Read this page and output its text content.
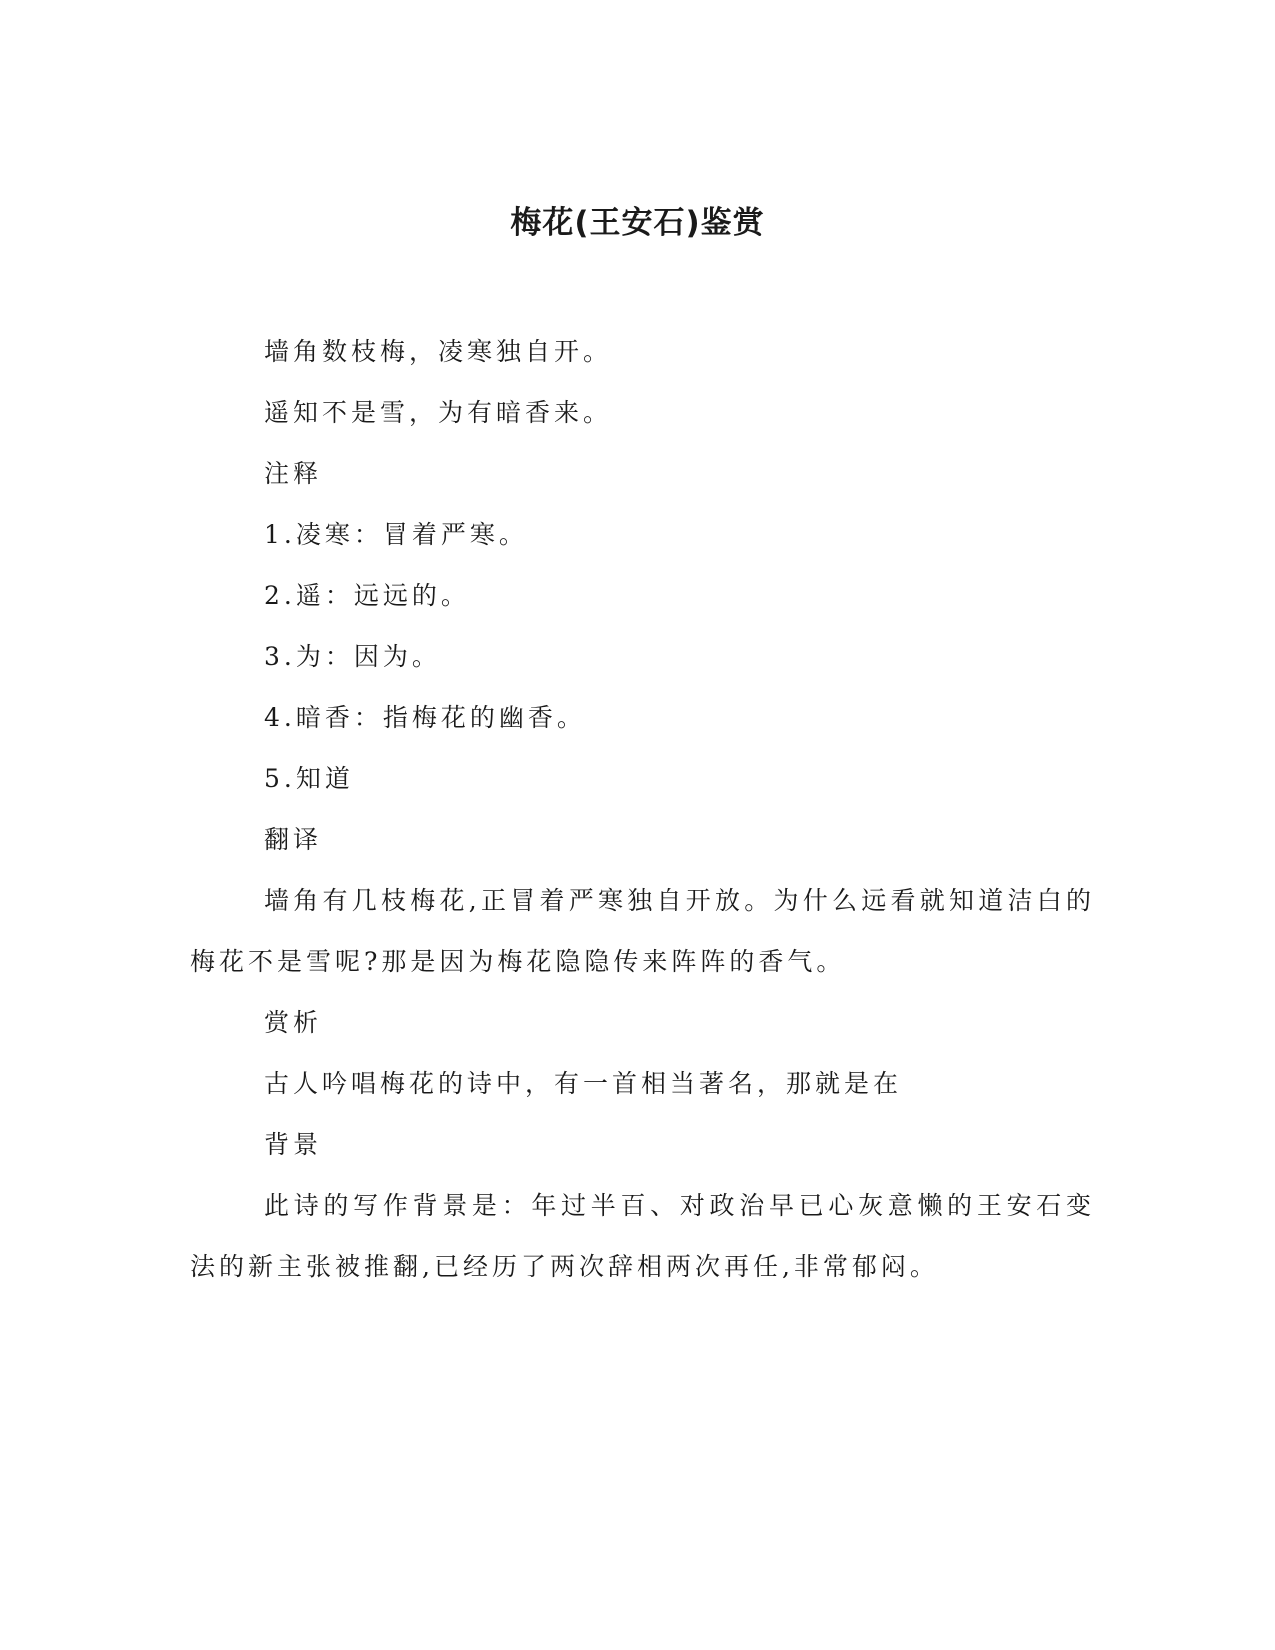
梅花(王安石)鉴赏

墙角数枝梅，凌寒独自开。

遥知不是雪，为有暗香来。

注释

1.凌寒：冒着严寒。

2.遥：远远的。

3.为：因为。

4.暗香：指梅花的幽香。

5.知道

翻译

墙角有几枝梅花,正冒着严寒独自开放。为什么远看就知道洁白的梅花不是雪呢?那是因为梅花隐隐传来阵阵的香气。

赏析

古人吟唱梅花的诗中，有一首相当著名，那就是在

背景

此诗的写作背景是：年过半百、对政治早已心灰意懒的王安石变法的新主张被推翻,已经历了两次辞相两次再任,非常郁闷。
